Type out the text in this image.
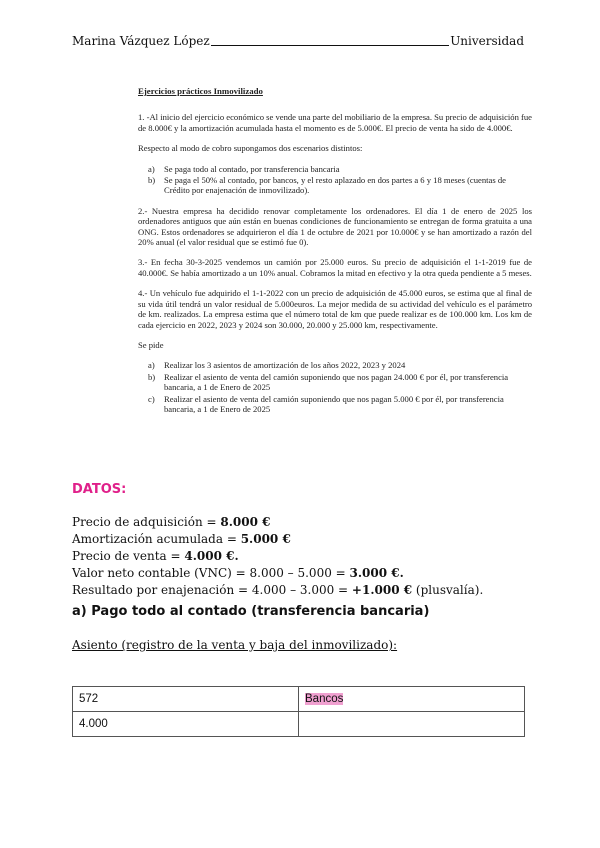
Marina Vázquez López	Universidad
Ejercicios prácticos Inmovilizado

1. -Al inicio del ejercicio económico se vende una parte del mobiliario de la empresa. Su precio de adquisición fue de 8.000€ y la amortización acumulada hasta el momento es de 5.000€. El precio de venta ha sido de 4.000€.

Respecto al modo de cobro supongamos dos escenarios distintos:

a)	Se paga todo al contado, por transferencia bancaria
b)	Se paga el 50% al contado, por bancos, y el resto aplazado en dos partes a 6 y 18 meses (cuentas de Crédito por enajenación de inmovilizado).

2.- Nuestra empresa ha decidido renovar completamente los ordenadores. El día 1 de enero de 2025 los ordenadores antiguos que aún están en buenas condiciones de funcionamiento se entregan de forma gratuita a una ONG. Estos ordenadores se adquirieron el día 1 de octubre de 2021 por 10.000€ y se han amortizado a razón del 20% anual (el valor residual que se estimó fue 0).

3.- En fecha 30-3-2025 vendemos un camión por 25.000 euros. Su precio de adquisición el 1-1-2019 fue de 40.000€. Se había amortizado a un 10% anual. Cobramos la mitad en efectivo y la otra queda pendiente a 5 meses.

4.- Un vehículo fue adquirido el 1-1-2022 con un precio de adquisición de 45.000 euros, se estima que al final de su vida útil tendrá un valor residual de 5.000euros. La mejor medida de su actividad del vehículo es el parámetro de km. realizados. La empresa estima que el número total de km que puede realizar es de 100.000 km. Los km de cada ejercicio en 2022, 2023 y 2024 son 30.000, 20.000 y 25.000 km, respectivamente.

Se pide

a)	Realizar los 3 asientos de amortización de los años 2022, 2023 y 2024
b)	Realizar el asiento de venta del camión suponiendo que nos pagan 24.000 € por él, por transferencia bancaria, a 1 de Enero de 2025
c)	Realizar el asiento de venta del camión suponiendo que nos pagan 5.000 € por él, por transferencia bancaria, a 1 de Enero de 2025
DATOS:
Precio de adquisición = 8.000 €
Amortización acumulada = 5.000 €
Precio de venta = 4.000 €.
Valor neto contable (VNC) = 8.000 – 5.000 = 3.000 €.
Resultado por enajenación = 4.000 – 3.000 = +1.000 € (plusvalía).
a) Pago todo al contado (transferencia bancaria)
Asiento (registro de la venta y baja del inmovilizado):
572	Bancos
4.000	
